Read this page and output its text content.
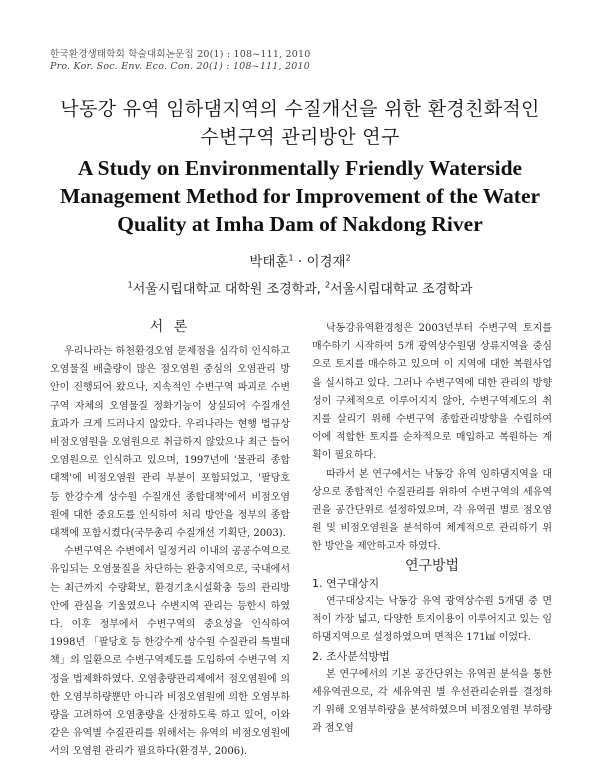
한국환경생태학회 학술대회논문집 20(1) : 108~111, 2010
Pro. Kor. Soc. Env. Eco. Con. 20(1) : 108~111, 2010
낙동강 유역 임하댐지역의 수질개선을 위한 환경친화적인
수변구역 관리방안 연구
A Study on Environmentally Friendly Waterside Management Method for Improvement of the Water Quality at Imha Dam of Nakdong River
박태훈$^1$ · 이경재$^2$
$^1$서울시립대학교 대학원 조경학과, $^2$서울시립대학교 조경학과
서 론

우리나라는 하천환경오염 문제점을 심각히 인식하고 오염물질 배출량이 많은 점오염원 중심의 오염관리 방안이 진행되어 왔으나, 지속적인 수변구역 파괴로 수변구역 자체의 오염물질 정화기능이 상실되어 수질개선 효과가 크게 드러나지 않았다. 우리나라는 현행 법규상 비점오염원을 오염원으로 취급하지 않았으나 최근 들어 오염원으로 인식하고 있으며, 1997년에 '물관리 종합대책'에 비점오염원 관리 부분이 포함되었고, '팔당호 등 한강수계 상수원 수질개선 종합대책'에서 비점오염원에 대한 중요도를 인식하여 처리 방안을 정부의 종합대책에 포함시켰다(국무총리 수질개선 기획단, 2003).

수변구역은 수변에서 일정거리 이내의 공공수역으로 유입되는 오염물질을 차단하는 완충지역으로, 국내에서는 최근까지 수량확보, 환경기초시설확충 등의 관리방안에 관심을 기울였으나 수변지역 관리는 등한시 하였다. 이후 정부에서 수변구역의 중요성을 인식하여 1998년 「팔당호 등 한강수계 상수원 수질관리 특별대책」의 일환으로 수변구역제도를 도입하여 수변구역 지정을 법제화하였다. 오염총량관리제에서 점오염원에 의한 오염부하량뿐만 아니라 비점오염원에 의한 오염부하량을 고려하여 오염총량을 산정하도록 하고 있어, 이와 같은 유역별 수질관리를 위해서는 유역의 비점오염원에서의 오염원 관리가 필요하다(환경부, 2006).

낙동강유역환경청은 2003년부터 수변구역 토지를 매수하기 시작하여 5개 광역상수원댐 상류지역을 중심으로 토지를 매수하고 있으며 이 지역에 대한 복원사업을 실시하고 있다. 그러나 수변구역에 대한 관리의 방향성이 구체적으로 이루어지지 않아, 수변구역제도의 취지를 살리기 위해 수변구역 종합관리방향을 수립하여 이에 적합한 토지를 순차적으로 매입하고 복원하는 계획이 필요하다.

따라서 본 연구에서는 낙동강 유역 임하댐지역을 대상으로 종합적인 수질관리를 위하여 수변구역의 세유역권을 공간단위로 설정하였으며, 각 유역권 별로 점오염원 및 비점오염원을 분석하여 체계적으로 관리하기 위한 방안을 제안하고자 하였다.

연구방법

1. 연구대상지

연구대상지는 낙동강 유역 광역상수원 5개댐 중 면적이 가장 넓고, 다양한 토지이용이 이루어지고 있는 임하댐지역으로 설정하였으며 면적은 171㎢ 이었다.

2. 조사분석방법

본 연구에서의 기본 공간단위는 유역권 분석을 통한 세유역권으로, 각 세유역권 별 우선관리순위를 결정하기 위해 오염부하량을 분석하였으며 비점오염원 부하량과 점오염
